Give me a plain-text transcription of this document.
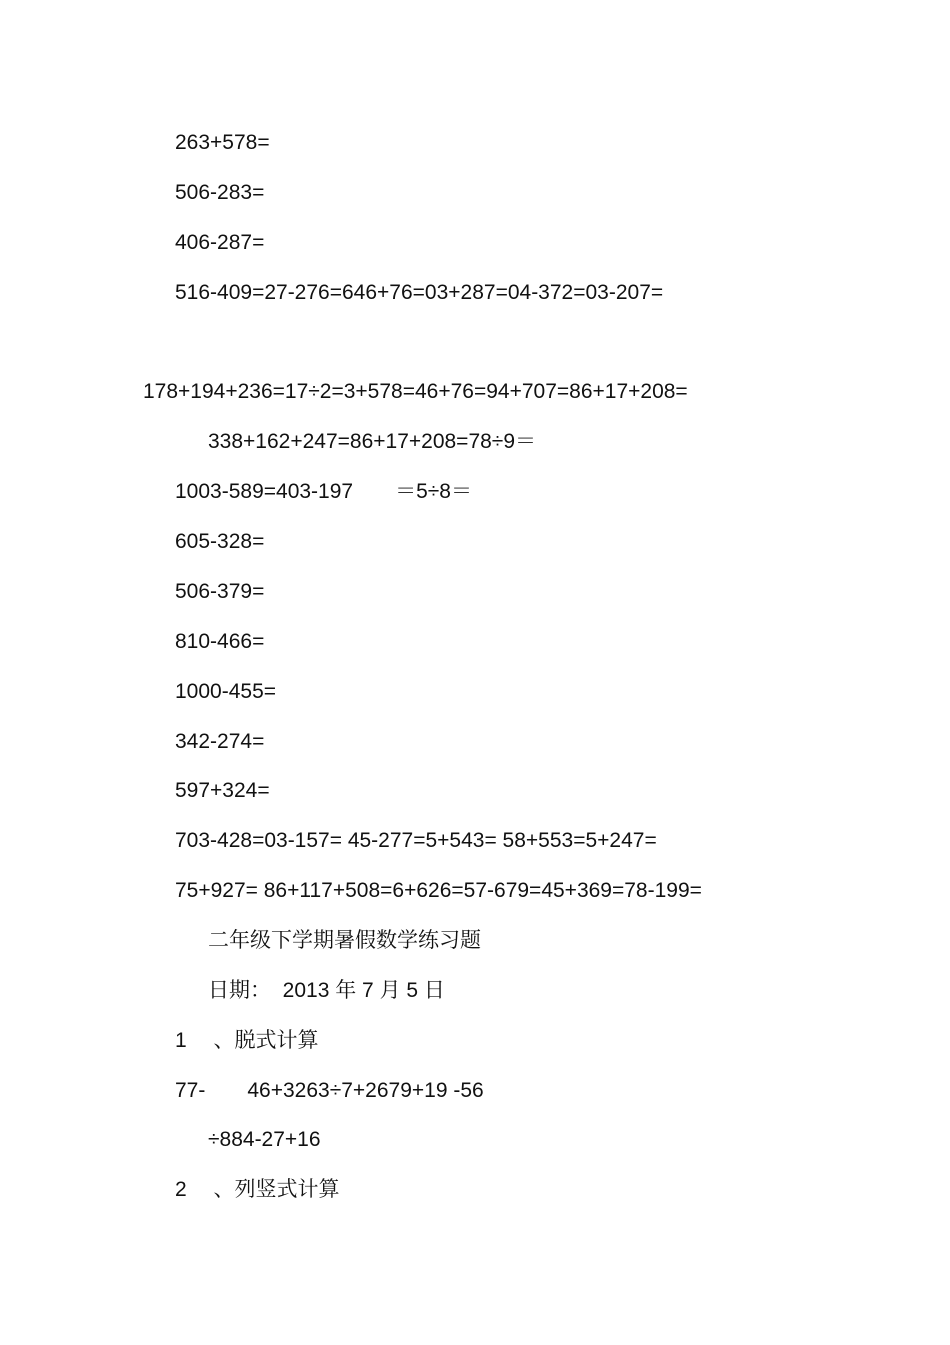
263+578=
506-283=
406-287=
516-409=27-276=646+76=03+287=04-372=03-207=
178+194+236=17÷2=3+578=46+76=94+707=86+17+208=
338+162+247=86+17+208=78÷9＝
1003-589=403-197　　＝5÷8＝
605-328=
506-379=
810-466=
1000-455=
342-274=
597+324=
703-428=03-157= 45-277=5+543= 58+553=5+247=
75+927= 86+117+508=6+626=57-679=45+369=78-199=
二年级下学期暑假数学练习题
日期：  2013 年 7 月 5 日
1　 、脱式计算
77-　　46+3263÷7+2679+19 -56
÷884-27+16
2　 、列竖式计算
